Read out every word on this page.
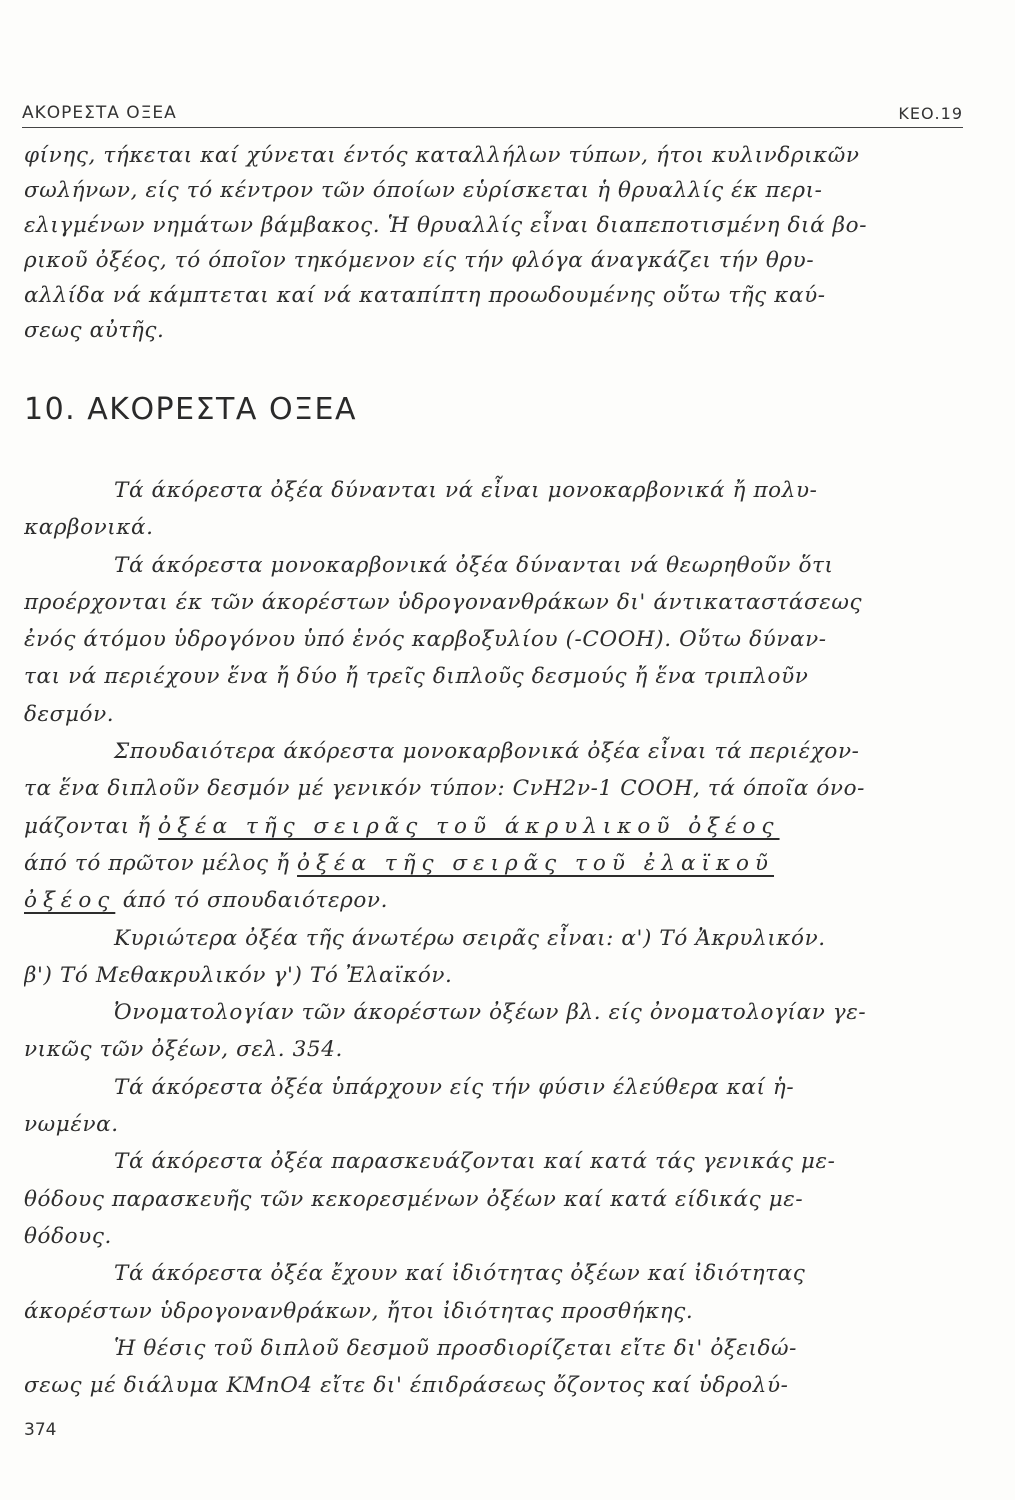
ΑΚΟΡΕΣΤΑ ΟΞΕΑ	ΚΕΟ.19
φίνης, τήκεται καί χύνεται έντός καταλλήλων τύπων, ήτοι κυλινδρικῶν
σωλήνων, είς τό κέντρον τῶν όποίων εὑρίσκεται ἡ θρυαλλίς έκ περι-
ελιγμένων νημάτων βάμβακος. Ἡ θρυαλλίς εἶναι διαπεποτισμένη διά βο-
ρικοῦ ὀξέος, τό όποῖον τηκόμενον είς τήν φλόγα άναγκάζει τήν θρυ-
αλλίδα νά κάμπτεται καί νά καταπίπτη προωδουμένης οὕτω τῆς καύ-
σεως αὐτῆς.
10. ΑΚΟΡΕΣΤΑ ΟΞΕΑ
Τά άκόρεστα ὀξέα δύνανται νά εἶναι μονοκαρβονικά ἤ πολυ-
καρβονικά.
Τά άκόρεστα μονοκαρβονικά ὀξέα δύνανται νά θεωρηθοῦν ὅτι
προέρχονται έκ τῶν άκορέστων ὑδρογονανθράκων δι' άντικαταστάσεως
ἐνός άτόμου ὑδρογόνου ὑπό ἑνός καρβοξυλίου (-COOH). Οὕτω δύναν-
ται νά περιέχουν ἕνα ἤ δύο ἤ τρεῖς διπλοῦς δεσμούς ἤ ἕνα τριπλοῦν
δεσμόν.
Σπουδαιότερα άκόρεστα μονοκαρβονικά ὀξέα εἶναι τά περιέχον-
τα ἕνα διπλοῦν δεσμόν μέ γενικόν τύπον: CνH2ν-1 COOH, τά όποῖα όνο-
μάζονται ἤ ὀξέα τῆς σειρᾶς τοῦ άκρυλικοῦ ὀξέος
άπό τό πρῶτον μέλος ἤ ὀξέα τῆς σειρᾶς τοῦ ἐλαϊκοῦ
ὀξέος άπό τό σπουδαιότερον.
Κυριώτερα ὀξέα τῆς άνωτέρω σειρᾶς εἶναι: α') Τό Ἀκρυλικόν.
β') Τό Μεθακρυλικόν γ') Τό Ἐλαϊκόν.
Ὀνοματολογίαν τῶν άκορέστων ὀξέων βλ. είς ὀνοματολογίαν γε-
νικῶς τῶν ὀξέων, σελ. 354.
Τά άκόρεστα ὀξέα ὑπάρχουν είς τήν φύσιν έλεύθερα καί ἡ-
νωμένα.
Τά άκόρεστα ὀξέα παρασκευάζονται καί κατά τάς γενικάς με-
θόδους παρασκευῆς τῶν κεκορεσμένων ὀξέων καί κατά είδικάς με-
θόδους.
Τά άκόρεστα ὀξέα ἔχουν καί ἰδιότητας ὀξέων καί ἰδιότητας
άκορέστων ὑδρογονανθράκων, ἤτοι ἰδιότητας προσθήκης.
Ἡ θέσις τοῦ διπλοῦ δεσμοῦ προσδιορίζεται εἴτε δι' ὀξειδώ-
σεως μέ διάλυμα ΚΜnO4 εἴτε δι' έπιδράσεως ὄζοντος καί ὑδρολύ-
374
